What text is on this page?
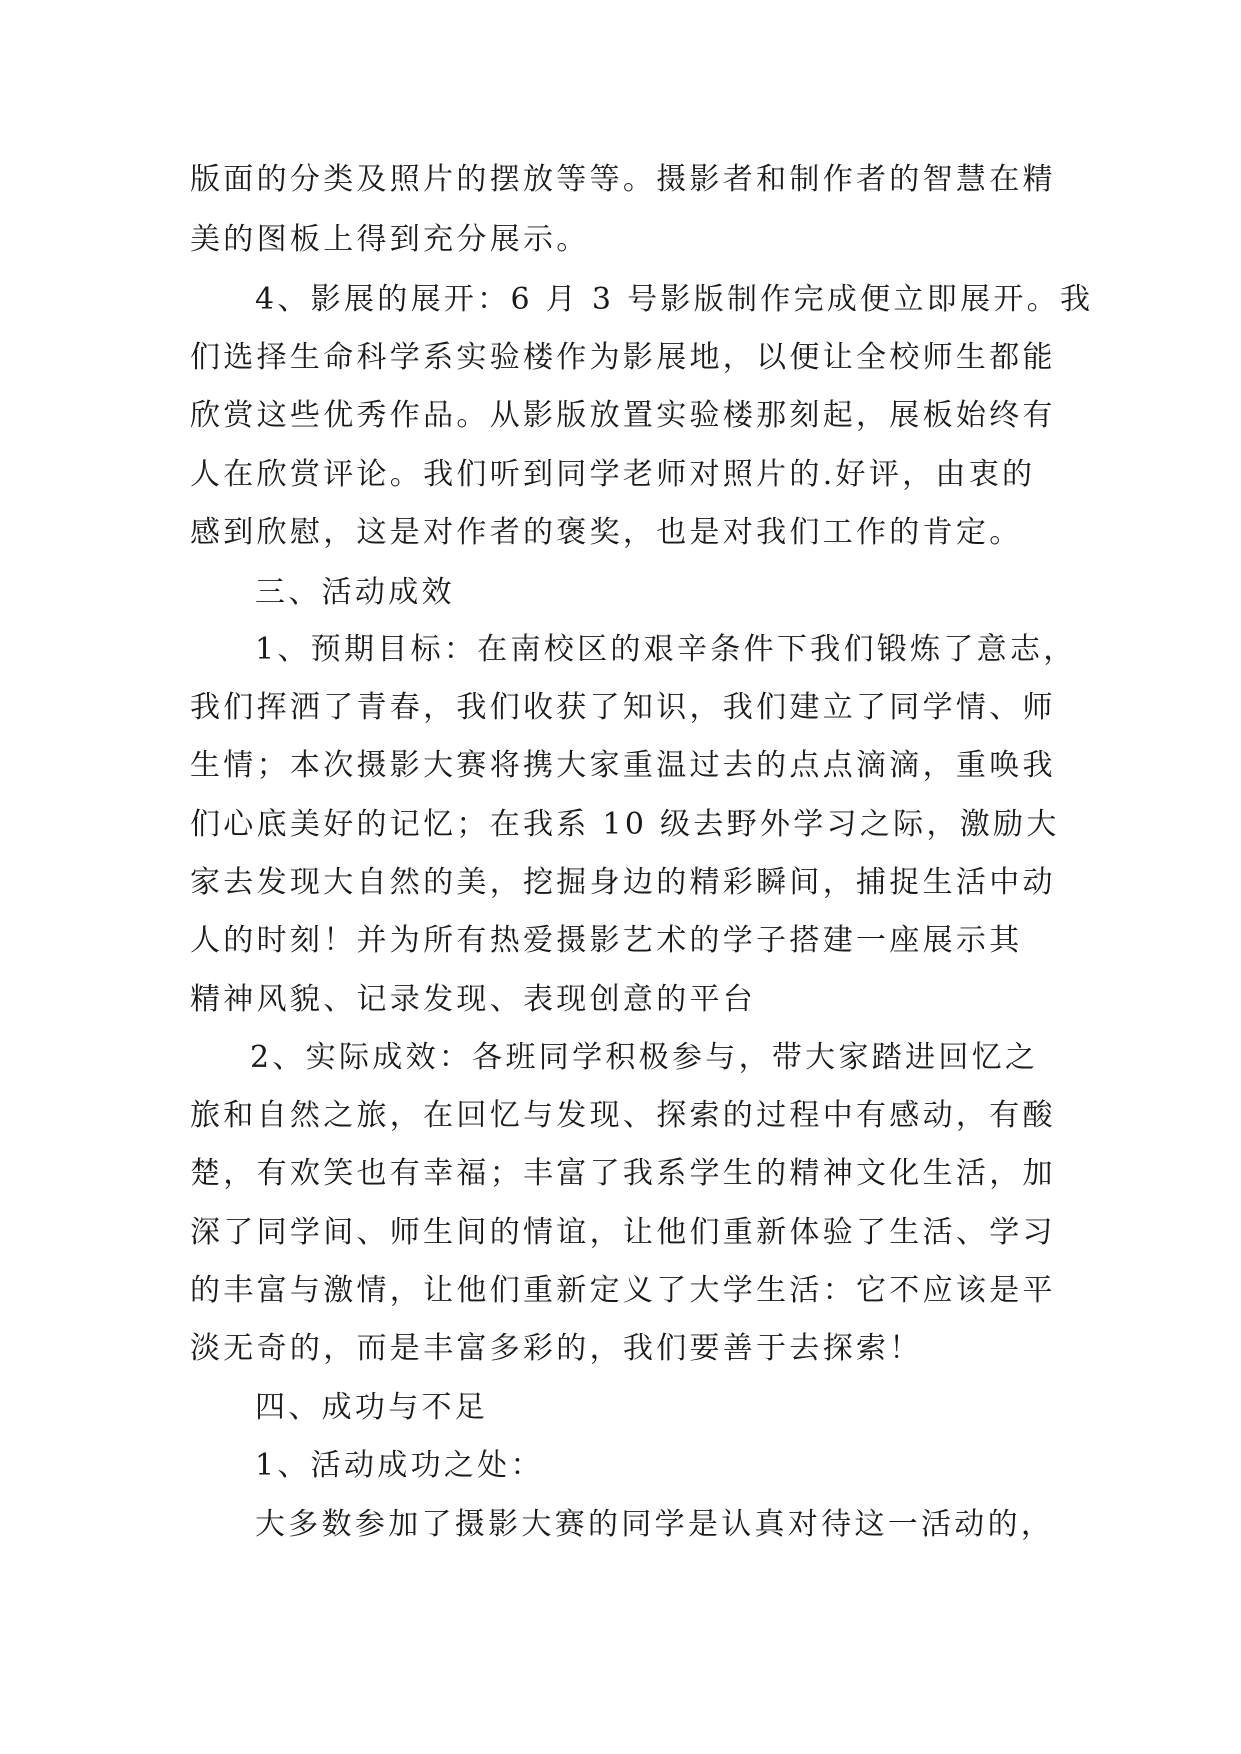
版面的分类及照片的摆放等等。摄影者和制作者的智慧在精
美的图板上得到充分展示。
4、影展的展开：6 月 3 号影版制作完成便立即展开。我
们选择生命科学系实验楼作为影展地，以便让全校师生都能
欣赏这些优秀作品。从影版放置实验楼那刻起，展板始终有
人在欣赏评论。我们听到同学老师对照片的.好评，由衷的
感到欣慰，这是对作者的褒奖，也是对我们工作的肯定。
三、活动成效
1、预期目标：在南校区的艰辛条件下我们锻炼了意志，
我们挥洒了青春，我们收获了知识，我们建立了同学情、师
生情；本次摄影大赛将携大家重温过去的点点滴滴，重唤我
们心底美好的记忆；在我系 10 级去野外学习之际，激励大
家去发现大自然的美，挖掘身边的精彩瞬间，捕捉生活中动
人的时刻！并为所有热爱摄影艺术的学子搭建一座展示其
精神风貌、记录发现、表现创意的平台
2、实际成效：各班同学积极参与，带大家踏进回忆之
旅和自然之旅，在回忆与发现、探索的过程中有感动，有酸
楚，有欢笑也有幸福；丰富了我系学生的精神文化生活，加
深了同学间、师生间的情谊，让他们重新体验了生活、学习
的丰富与激情，让他们重新定义了大学生活：它不应该是平
淡无奇的，而是丰富多彩的，我们要善于去探索！
四、成功与不足
1、活动成功之处：
大多数参加了摄影大赛的同学是认真对待这一活动的，
